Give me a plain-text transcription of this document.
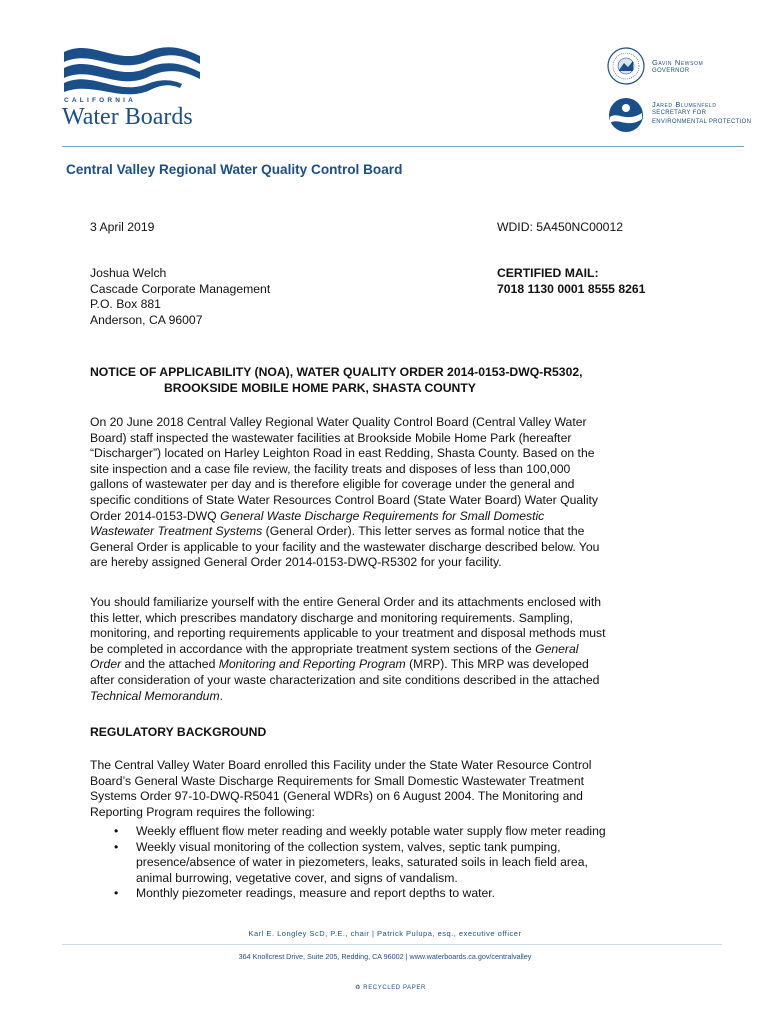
CALIFORNIA
Water Boards
Gavin Newsom
GOVERNOR
Jared Blumenfeld
SECRETARY FOR
ENVIRONMENTAL PROTECTION
Central Valley Regional Water Quality Control Board
3 April 2019	WDID: 5A450NC00012
Joshua Welch
Cascade Corporate Management
P.O. Box 881
Anderson, CA 96007
CERTIFIED MAIL:
7018 1130 0001 8555 8261
NOTICE OF APPLICABILITY (NOA), WATER QUALITY ORDER 2014-0153-DWQ-R5302,
BROOKSIDE MOBILE HOME PARK, SHASTA COUNTY
On 20 June 2018 Central Valley Regional Water Quality Control Board (Central Valley Water
Board) staff inspected the wastewater facilities at Brookside Mobile Home Park (hereafter
“Discharger”) located on Harley Leighton Road in east Redding, Shasta County. Based on the
site inspection and a case file review, the facility treats and disposes of less than 100,000
gallons of wastewater per day and is therefore eligible for coverage under the general and
specific conditions of State Water Resources Control Board (State Water Board) Water Quality
Order 2014-0153-DWQ General Waste Discharge Requirements for Small Domestic
Wastewater Treatment Systems (General Order). This letter serves as formal notice that the
General Order is applicable to your facility and the wastewater discharge described below. You
are hereby assigned General Order 2014-0153-DWQ-R5302 for your facility.
You should familiarize yourself with the entire General Order and its attachments enclosed with
this letter, which prescribes mandatory discharge and monitoring requirements. Sampling,
monitoring, and reporting requirements applicable to your treatment and disposal methods must
be completed in accordance with the appropriate treatment system sections of the General
Order and the attached Monitoring and Reporting Program (MRP). This MRP was developed
after consideration of your waste characterization and site conditions described in the attached
Technical Memorandum.
REGULATORY BACKGROUND
The Central Valley Water Board enrolled this Facility under the State Water Resource Control
Board’s General Waste Discharge Requirements for Small Domestic Wastewater Treatment
Systems Order 97-10-DWQ-R5041 (General WDRs) on 6 August 2004. The Monitoring and
Reporting Program requires the following:
• Weekly effluent flow meter reading and weekly potable water supply flow meter reading
• Weekly visual monitoring of the collection system, valves, septic tank pumping,
presence/absence of water in piezometers, leaks, saturated soils in leach field area,
animal burrowing, vegetative cover, and signs of vandalism.
• Monthly piezometer readings, measure and report depths to water.
Karl E. Longley ScD, P.E., chair | Patrick Pulupa, esq., executive officer
364 Knollcrest Drive, Suite 205, Redding, CA 96002 | www.waterboards.ca.gov/centralvalley
♻ RECYCLED PAPER
